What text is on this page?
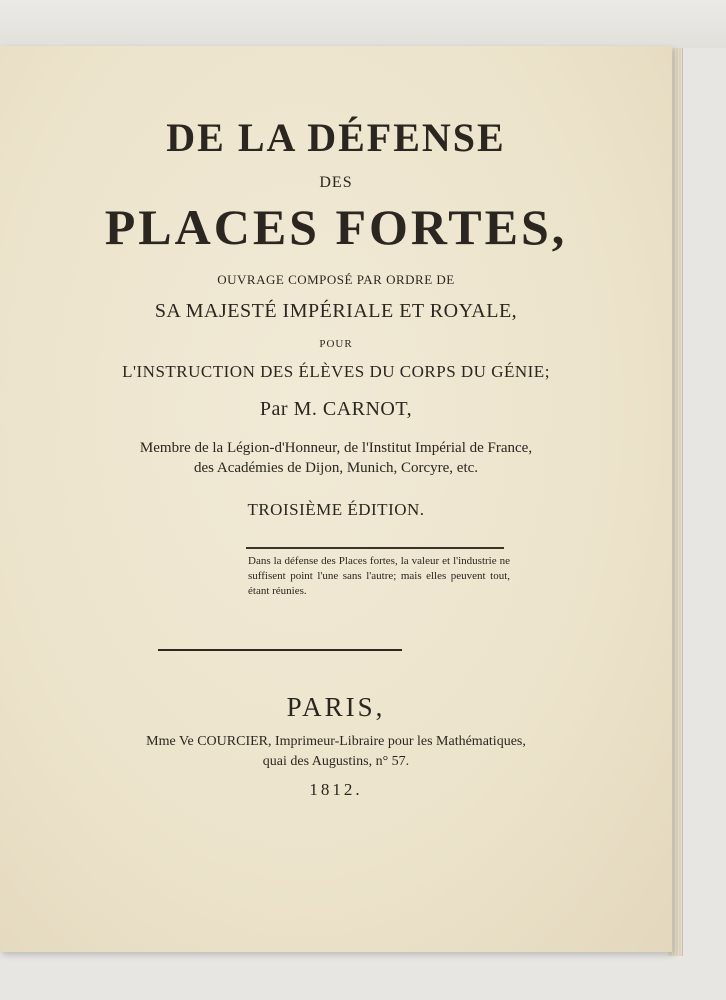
DE LA DÉFENSE
DES
PLACES FORTES,
OUVRAGE COMPOSÉ PAR ORDRE DE
SA MAJESTÉ IMPÉRIALE ET ROYALE,
POUR
L'INSTRUCTION DES ÉLÈVES DU CORPS DU GÉNIE;
Par M. CARNOT,
Membre de la Légion-d'Honneur, de l'Institut Impérial de France,
des Académies de Dijon, Munich, Corcyre, etc.
TROISIÈME ÉDITION.
Dans la défense des Places fortes, la valeur et l'industrie ne suffisent point l'une sans l'autre; mais elles peuvent tout, étant réunies.
PARIS,
Mme Ve COURCIER, Imprimeur-Libraire pour les Mathématiques,
quai des Augustins, n° 57.
1812.
